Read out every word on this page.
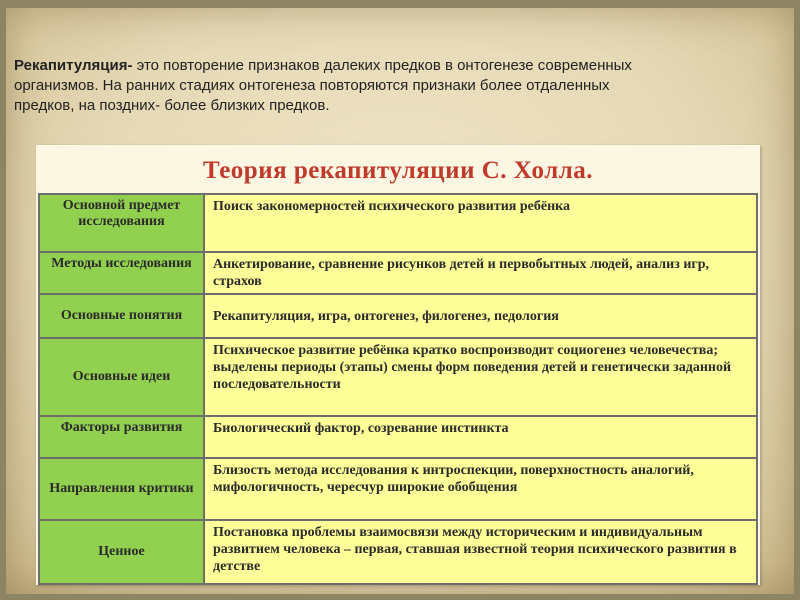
Рекапитуляция- это повторение признаков далеких предков в онтогенезе современных
организмов. На ранних стадиях онтогенеза повторяются признаки более отдаленных
предков, на поздних- более близких предков.
Теория рекапитуляции С. Холла.
Основной предмет исследования	Поиск закономерностей психического развития ребёнка
Методы исследования	Анкетирование, сравнение рисунков детей и первобытных людей, анализ игр, страхов
Основные понятия	Рекапитуляция, игра, онтогенез, филогенез, педология
Основные идеи	Психическое развитие ребёнка кратко воспроизводит социогенез человечества; выделены периоды (этапы) смены форм поведения детей и генетически заданной последовательности
Факторы развития	Биологический фактор, созревание инстинкта
Направления критики	Близость метода исследования к интроспекции, поверхностность аналогий, мифологичность, чересчур широкие обобщения
Ценное	Постановка проблемы взаимосвязи между историческим и индивидуальным развитием человека – первая, ставшая известной теория психического развития в детстве
